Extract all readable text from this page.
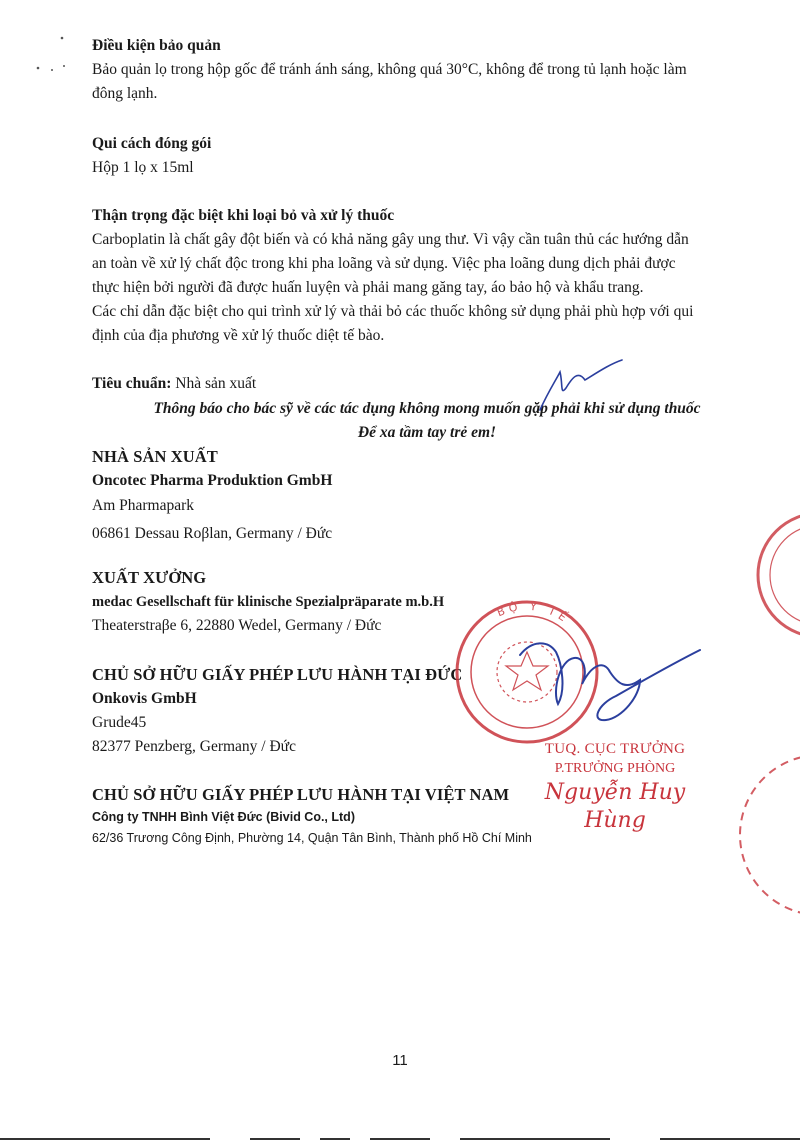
Điều kiện bảo quản
Bảo quản lọ trong hộp gốc để tránh ánh sáng, không quá 30°C, không để trong tủ lạnh hoặc làm
đông lạnh.
Qui cách đóng gói
Hộp 1 lọ x 15ml
Thận trọng đặc biệt khi loại bỏ và xử lý thuốc
Carboplatin là chất gây đột biến và có khả năng gây ung thư. Vì vậy cần tuân thủ các hướng dẫn
an toàn về xử lý chất độc trong khi pha loãng và sử dụng. Việc pha loãng dung dịch phải được
thực hiện bởi người đã được huấn luyện và phải mang găng tay, áo bảo hộ và khẩu trang.
Các chỉ dẫn đặc biệt cho qui trình xử lý và thải bỏ các thuốc không sử dụng phải phù hợp với qui
định của địa phương về xử lý thuốc diệt tế bào.
Tiêu chuẩn: Nhà sản xuất
Thông báo cho bác sỹ về các tác dụng không mong muốn gặp phải khi sử dụng thuốc
Để xa tầm tay trẻ em!
NHÀ SẢN XUẤT
Oncotec Pharma Produktion GmbH
Am Pharmapark
06861 Dessau Roβlan, Germany / Đức
XUẤT XƯỞNG
medac Gesellschaft für klinische Spezialpräparate m.b.H
Theaterstraβe 6, 22880 Wedel, Germany / Đức
CHỦ SỞ HỮU GIẤY PHÉP LƯU HÀNH TẠI ĐỨC
Onkovis GmbH
Grude45
82377 Penzberg, Germany / Đức
CHỦ SỞ HỮU GIẤY PHÉP LƯU HÀNH TẠI VIỆT NAM
Công ty TNHH Bình Việt Đức (Bivid Co., Ltd)
62/36 Trương Công Định, Phường 14, Quận Tân Bình, Thành phố Hồ Chí Minh
TUQ. CỤC TRƯỞNG
P.TRƯỞNG PHÒNG
Nguyễn Huy Hùng
BỘ Y TẾ
11
